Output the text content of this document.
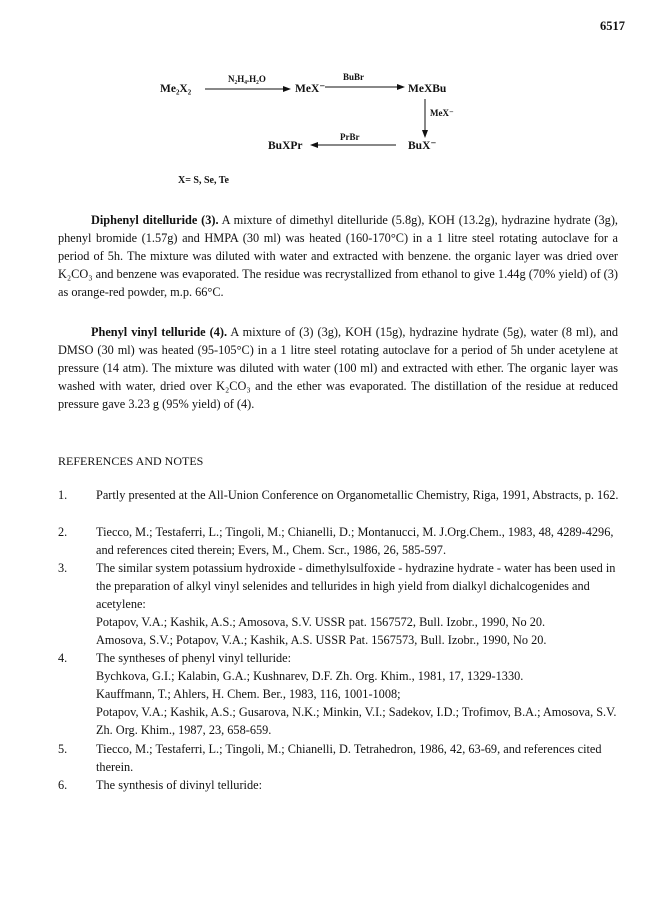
6517
Me₂X₂
N₂H₄.H₂O
MeX⁻
BuBr
MeXBu
MeX⁻
BuX⁻
PrBr
BuXPr
X= S, Se, Te
Diphenyl ditelluride (3). A mixture of dimethyl ditelluride (5.8g), KOH (13.2g), hydrazine hydrate (3g), phenyl bromide (1.57g) and HMPA (30 ml) was heated (160-170°C) in a 1 litre steel rotating autoclave for a period of 5h. The mixture was diluted with water and extracted with benzene. the organic layer was dried over K₂CO₃ and benzene was evaporated. The residue was recrystallized from ethanol to give 1.44g (70% yield) of (3) as orange-red powder, m.p. 66°C.
Phenyl vinyl telluride (4). A mixture of (3) (3g), KOH (15g), hydrazine hydrate (5g), water (8 ml), and DMSO (30 ml) was heated (95-105°C) in a 1 litre steel rotating autoclave for a period of 5h under acetylene at pressure (14 atm). The mixture was diluted with water (100 ml) and extracted with ether. The organic layer was washed with water, dried over K₂CO₃ and the ether was evaporated. The distillation of the residue at reduced pressure gave 3.23 g (95% yield) of (4).
REFERENCES AND NOTES
1. Partly presented at the All-Union Conference on Organometallic Chemistry, Riga, 1991, Abstracts, p. 162.
2. Tiecco, M.; Testaferri, L.; Tingoli, M.; Chianelli, D.; Montanucci, M. J.Org.Chem., 1983, 48, 4289-4296, and references cited therein; Evers, M., Chem. Scr., 1986, 26, 585-597.
3. The similar system potassium hydroxide - dimethylsulfoxide - hydrazine hydrate - water has been used in the preparation of alkyl vinyl selenides and tellurides in high yield from dialkyl dichalcogenides and acetylene:
Potapov, V.A.; Kashik, A.S.; Amosova, S.V. USSR pat. 1567572, Bull. Izobr., 1990, No 20.
Amosova, S.V.; Potapov, V.A.; Kashik, A.S. USSR Pat. 1567573, Bull. Izobr., 1990, No 20.
4. The syntheses of phenyl vinyl telluride:
Bychkova, G.I.; Kalabin, G.A.; Kushnarev, D.F. Zh. Org. Khim., 1981, 17, 1329-1330.
Kauffmann, T.; Ahlers, H. Chem. Ber., 1983, 116, 1001-1008;
Potapov, V.A.; Kashik, A.S.; Gusarova, N.K.; Minkin, V.I.; Sadekov, I.D.; Trofimov, B.A.; Amosova, S.V. Zh. Org. Khim., 1987, 23, 658-659.
5. Tiecco, M.; Testaferri, L.; Tingoli, M.; Chianelli, D. Tetrahedron, 1986, 42, 63-69, and references cited therein.
6. The synthesis of divinyl telluride:
